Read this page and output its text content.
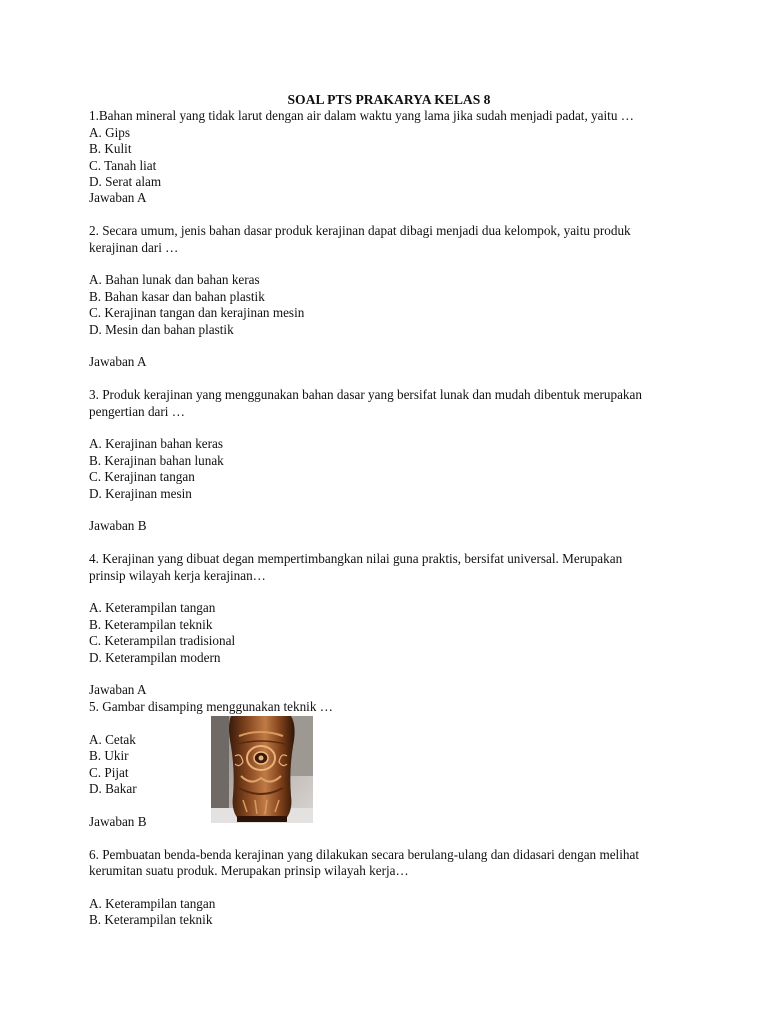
SOAL PTS PRAKARYA KELAS 8
1.Bahan mineral yang tidak larut dengan air dalam waktu yang lama jika sudah menjadi padat, yaitu …
A. Gips
B. Kulit
C. Tanah liat
D. Serat alam
Jawaban A
2. Secara umum, jenis bahan dasar produk kerajinan dapat dibagi menjadi dua kelompok, yaitu produk
kerajinan dari …
A. Bahan lunak dan bahan keras
B. Bahan kasar dan bahan plastik
C. Kerajinan tangan dan kerajinan mesin
D. Mesin dan bahan plastik
Jawaban A
3. Produk kerajinan yang menggunakan bahan dasar yang bersifat lunak dan mudah dibentuk merupakan
pengertian dari …
A. Kerajinan bahan keras
B. Kerajinan bahan lunak
C. Kerajinan tangan
D. Kerajinan mesin
Jawaban B
4. Kerajinan yang dibuat degan mempertimbangkan nilai guna praktis, bersifat universal. Merupakan
prinsip wilayah kerja kerajinan…
A. Keterampilan tangan
B. Keterampilan teknik
C. Keterampilan tradisional
D. Keterampilan modern
Jawaban A
5. Gambar disamping menggunakan teknik …
A. Cetak
B. Ukir
C. Pijat
D. Bakar
Jawaban B
6. Pembuatan benda-benda kerajinan yang dilakukan secara berulang-ulang dan didasari dengan melihat
kerumitan suatu produk. Merupakan prinsip wilayah kerja…
A. Keterampilan tangan
B. Keterampilan teknik
